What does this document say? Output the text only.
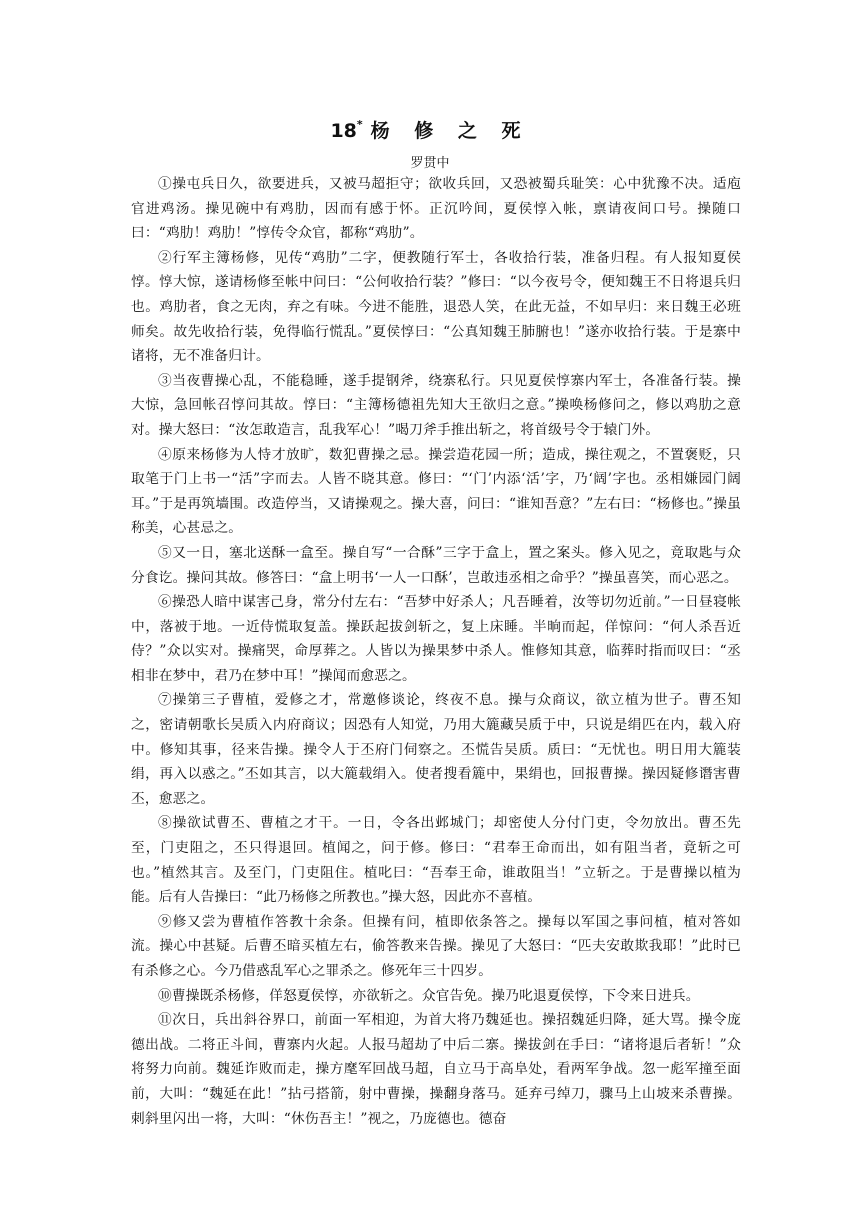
18* 杨 修 之 死
罗贯中

①操屯兵日久，欲要进兵，又被马超拒守；欲收兵回，又恐被蜀兵耻笑：心中犹豫不决。适庖官进鸡汤。操见碗中有鸡肋，因而有感于怀。正沉吟间，夏侯惇入帐，禀请夜间口号。操随口曰：“鸡肋！鸡肋！”惇传令众官，都称“鸡肋”。

②行军主簿杨修，见传“鸡肋”二字，便教随行军士，各收拾行装，准备归程。有人报知夏侯惇。惇大惊，遂请杨修至帐中问曰：“公何收拾行装？”修曰：“以今夜号令，便知魏王不日将退兵归也。鸡肋者，食之无肉，弃之有味。今进不能胜，退恐人笑，在此无益，不如早归：来日魏王必班师矣。故先收拾行装，免得临行慌乱。”夏侯惇曰：“公真知魏王肺腑也！”遂亦收拾行装。于是寨中诸将，无不准备归计。

③当夜曹操心乱，不能稳睡，遂手提钢斧，绕寨私行。只见夏侯惇寨内军士，各准备行装。操大惊，急回帐召惇问其故。惇曰：“主簿杨德祖先知大王欲归之意。”操唤杨修问之，修以鸡肋之意对。操大怒曰：“汝怎敢造言，乱我军心！”喝刀斧手推出斩之，将首级号令于辕门外。

④原来杨修为人恃才放旷，数犯曹操之忌。操尝造花园一所；造成，操往观之，不置褒贬，只取笔于门上书一“活”字而去。人皆不晓其意。修曰：“‘门’内添‘活’字，乃‘阔’字也。丞相嫌园门阔耳。”于是再筑墙围。改造停当，又请操观之。操大喜，问曰：“谁知吾意？”左右曰：“杨修也。”操虽称美，心甚忌之。

⑤又一日，塞北送酥一盒至。操自写“一合酥”三字于盒上，置之案头。修入见之，竟取匙与众分食讫。操问其故。修答曰：“盒上明书‘一人一口酥’，岂敢违丞相之命乎？”操虽喜笑，而心恶之。

⑥操恐人暗中谋害己身，常分付左右：“吾梦中好杀人；凡吾睡着，汝等切勿近前。”一日昼寝帐中，落被于地。一近侍慌取复盖。操跃起拔剑斩之，复上床睡。半晌而起，佯惊问：“何人杀吾近侍？”众以实对。操痛哭，命厚葬之。人皆以为操果梦中杀人。惟修知其意，临葬时指而叹曰：“丞相非在梦中，君乃在梦中耳！”操闻而愈恶之。

⑦操第三子曹植，爱修之才，常邀修谈论，终夜不息。操与众商议，欲立植为世子。曹丕知之，密请朝歌长吴质入内府商议；因恐有人知觉，乃用大簏藏吴质于中，只说是绢匹在内，载入府中。修知其事，径来告操。操令人于丕府门伺察之。丕慌告吴质。质曰：“无忧也。明日用大簏装绢，再入以惑之。”丕如其言，以大簏载绢入。使者搜看簏中，果绢也，回报曹操。操因疑修谮害曹丕，愈恶之。

⑧操欲试曹丕、曹植之才干。一日，令各出邺城门；却密使人分付门吏，令勿放出。曹丕先至，门吏阻之，丕只得退回。植闻之，问于修。修曰：“君奉王命而出，如有阻当者，竟斩之可也。”植然其言。及至门，门吏阻住。植叱曰：“吾奉王命，谁敢阻当！”立斩之。于是曹操以植为能。后有人告操曰：“此乃杨修之所教也。”操大怒，因此亦不喜植。

⑨修又尝为曹植作答教十余条。但操有问，植即依条答之。操每以军国之事问植，植对答如流。操心中甚疑。后曹丕暗买植左右，偷答教来告操。操见了大怒曰：“匹夫安敢欺我耶！”此时已有杀修之心。今乃借惑乱军心之罪杀之。修死年三十四岁。

⑩曹操既杀杨修，佯怒夏侯惇，亦欲斩之。众官告免。操乃叱退夏侯惇，下令来日进兵。

⑪次日，兵出斜谷界口，前面一军相迎，为首大将乃魏延也。操招魏延归降，延大骂。操令庞德出战。二将正斗间，曹寨内火起。人报马超劫了中后二寨。操拔剑在手曰：“诸将退后者斩！”众将努力向前。魏延诈败而走，操方麾军回战马超，自立马于高阜处，看两军争战。忽一彪军撞至面前，大叫：“魏延在此！”拈弓搭箭，射中曹操，操翻身落马。延弃弓绰刀，骤马上山坡来杀曹操。刺斜里闪出一将，大叫：“休伤吾主！”视之，乃庞德也。德奋
